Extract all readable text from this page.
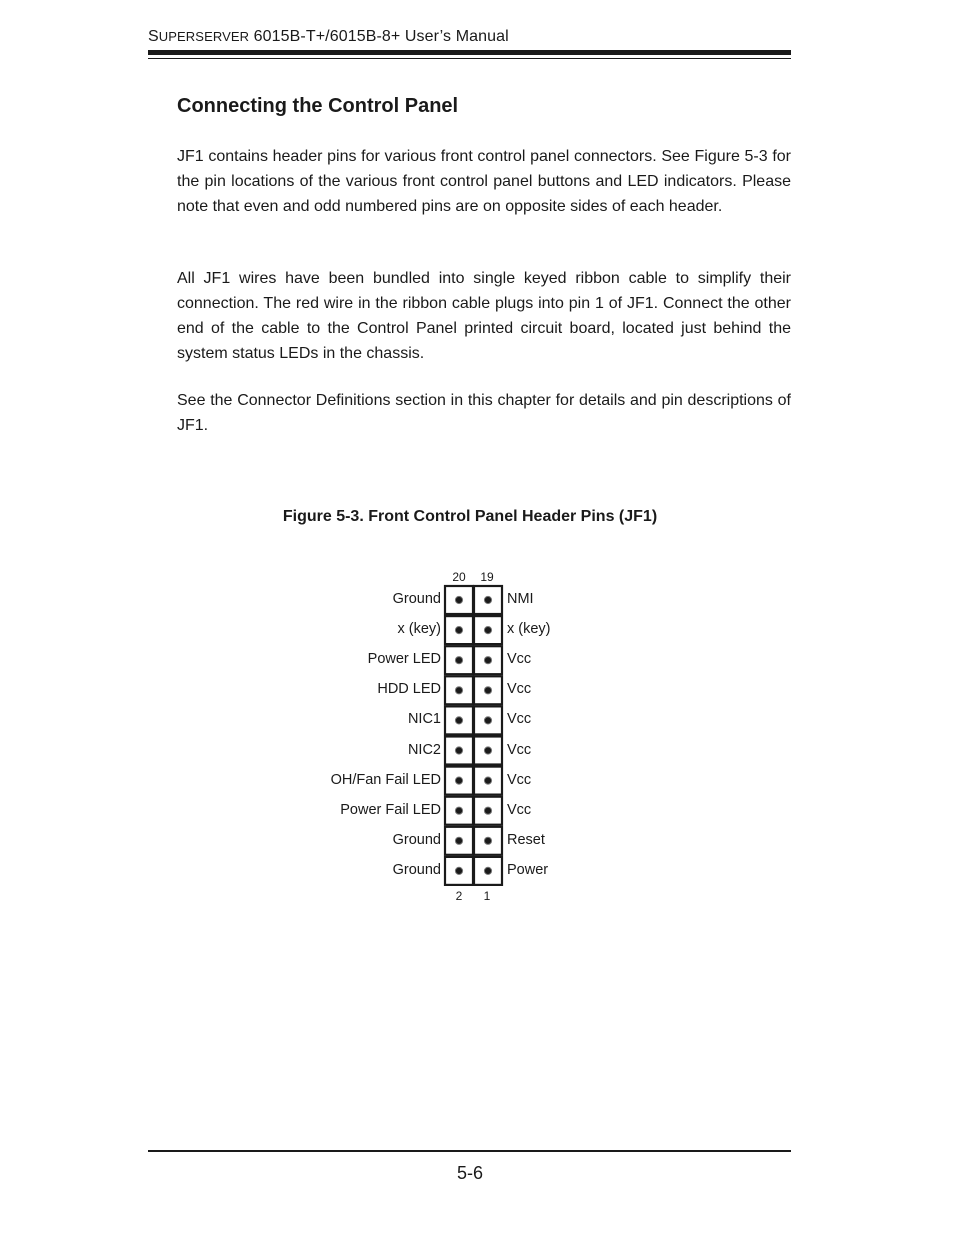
SUPERSERVER 6015B-T+/6015B-8+ User’s Manual
Connecting the Control Panel

JF1 contains header pins for various front control panel connectors. See Figure 5-3 for the pin locations of the various front control panel buttons and LED indicators. Please note that even and odd numbered pins are on opposite sides of each header.

All JF1 wires have been bundled into single keyed ribbon cable to simplify their connection. The red wire in the ribbon cable plugs into pin 1 of JF1. Connect the other end of the cable to the Control Panel printed circuit board, located just behind the system status LEDs in the chassis.

See the Connector Definitions section in this chapter for details and pin descriptions of JF1.

Figure 5-3. Front Control Panel Header Pins (JF1)
20	19
2	1
Ground	NMI
x (key)	x (key)
Power LED	Vcc
HDD LED	Vcc
NIC1	Vcc
NIC2	Vcc
OH/Fan Fail LED	Vcc
Power Fail LED	Vcc
Ground	Reset
Ground	Power
5-6
